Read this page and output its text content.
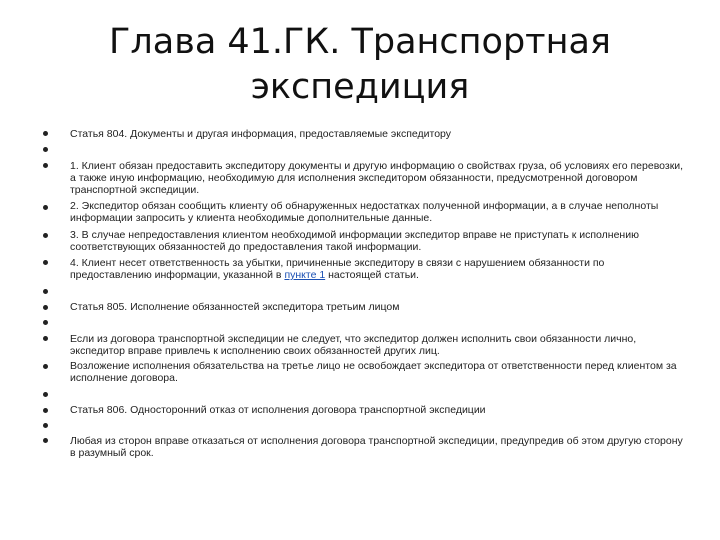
Глава 41.ГК. Транспортная
экспедиция
Статья 804. Документы и другая информация, предоставляемые экспедитору
1. Клиент обязан предоставить экспедитору документы и другую информацию о свойствах груза, об условиях его перевозки, а также иную информацию, необходимую для исполнения экспедитором обязанности, предусмотренной договором транспортной экспедиции.
2. Экспедитор обязан сообщить клиенту об обнаруженных недостатках полученной информации, а в случае неполноты информации запросить у клиента необходимые дополнительные данные.
3. В случае непредоставления клиентом необходимой информации экспедитор вправе не приступать к исполнению соответствующих обязанностей до предоставления такой информации.
4. Клиент несет ответственность за убытки, причиненные экспедитору в связи с нарушением обязанности по предоставлению информации, указанной в пункте 1 настоящей статьи.
Статья 805. Исполнение обязанностей экспедитора третьим лицом
Если из договора транспортной экспедиции не следует, что экспедитор должен исполнить свои обязанности лично, экспедитор вправе привлечь к исполнению своих обязанностей других лиц.
Возложение исполнения обязательства на третье лицо не освобождает экспедитора от ответственности перед клиентом за исполнение договора.
Статья 806. Односторонний отказ от исполнения договора транспортной экспедиции
Любая из сторон вправе отказаться от исполнения договора транспортной экспедиции, предупредив об этом другую сторону в разумный срок.
